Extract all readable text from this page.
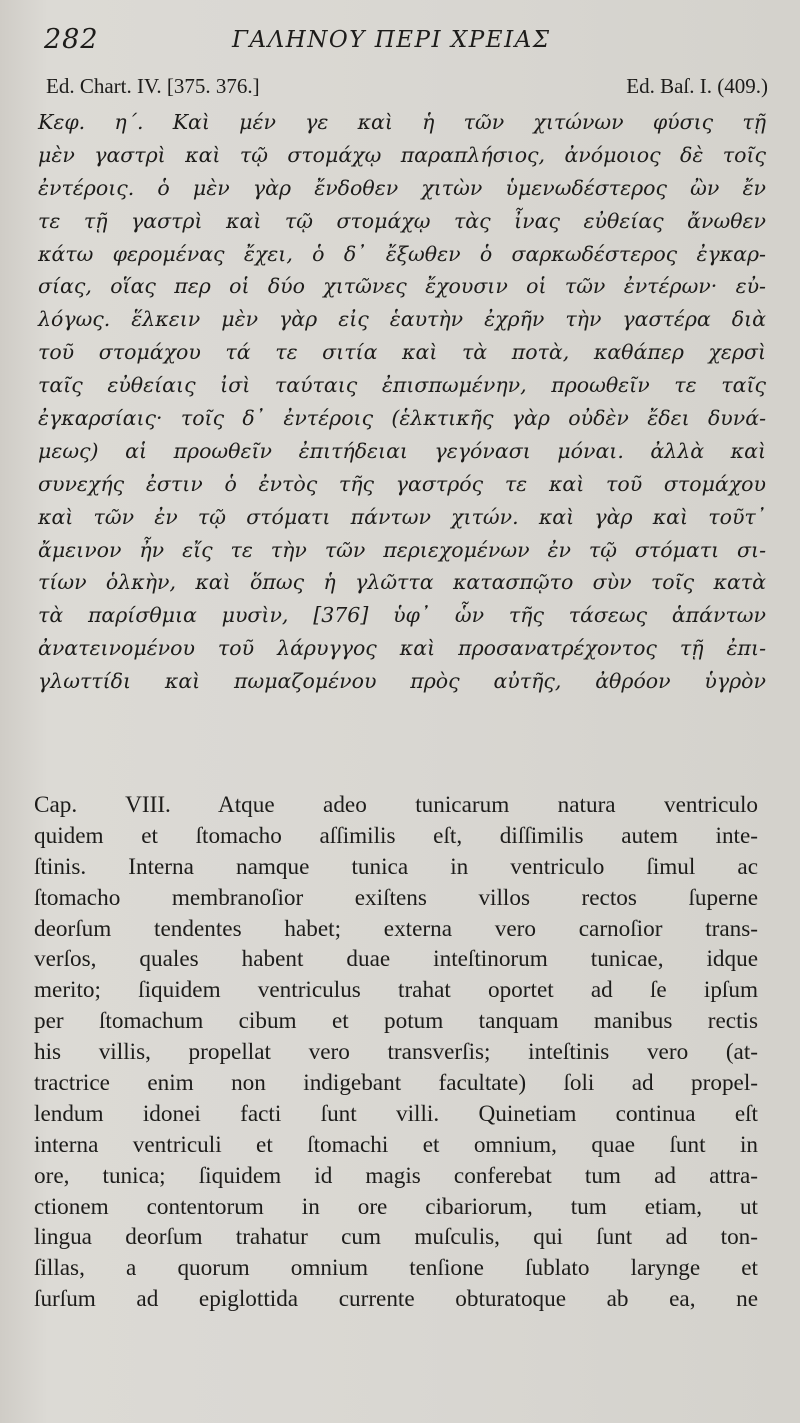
282	ΓΑΛΗΝΟΥ ΠΕΡΙ ΧΡΕΙΑΣ
Ed. Chart. IV. [375. 376.]	Ed. Baſ. I. (409.)
Κεφ. η΄. Καὶ μέν γε καὶ ἡ τῶν χιτώνων φύσις τῇ
μὲν γαστρὶ καὶ τῷ στομάχῳ παραπλήσιος, ἀνόμοιος δὲ τοῖς
ἐντέροις. ὁ μὲν γὰρ ἔνδοθεν χιτὼν ὑμενωδέστερος ὢν ἔν
τε τῇ γαστρὶ καὶ τῷ στομάχῳ τὰς ἶνας εὐθείας ἄνωθεν
κάτω φερομένας ἔχει, ὁ δ᾽ ἔξωθεν ὁ σαρκωδέστερος ἐγκαρ-
σίας, οἵας περ οἱ δύο χιτῶνες ἔχουσιν οἱ τῶν ἐντέρων· εὐ-
λόγως. ἕλκειν μὲν γὰρ εἰς ἑαυτὴν ἐχρῆν τὴν γαστέρα διὰ
τοῦ στομάχου τά τε σιτία καὶ τὰ ποτὰ, καθάπερ χερσὶ
ταῖς εὐθείαις ἰσὶ ταύταις ἐπισπωμένην, προωθεῖν τε ταῖς
ἐγκαρσίαις· τοῖς δ᾽ ἐντέροις (ἑλκτικῆς γὰρ οὐδὲν ἔδει δυνά-
μεως) αἱ προωθεῖν ἐπιτήδειαι γεγόνασι μόναι. ἀλλὰ καὶ
συνεχής ἐστιν ὁ ἐντὸς τῆς γαστρός τε καὶ τοῦ στομάχου
καὶ τῶν ἐν τῷ στόματι πάντων χιτών. καὶ γὰρ καὶ τοῦτ᾽
ἄμεινον ἦν εἴς τε τὴν τῶν περιεχομένων ἐν τῷ στόματι σι-
τίων ὁλκὴν, καὶ ὅπως ἡ γλῶττα κατασπῷτο σὺν τοῖς κατὰ
τὰ παρίσθμια μυσὶν, [376] ὑφ᾽ ὧν τῆς τάσεως ἁπάντων
ἀνατεινομένου τοῦ λάρυγγος καὶ προσανατρέχοντος τῇ ἐπι-
γλωττίδι καὶ πωμαζομένου πρὸς αὐτῆς, ἀθρόον ὑγρὸν
Cap. VIII. Atque adeo tunicarum natura ventriculo
quidem et ſtomacho aſſimilis eſt, diſſimilis autem inte-
ſtinis. Interna namque tunica in ventriculo ſimul ac
ſtomacho membranoſior exiſtens villos rectos ſuperne
deorſum tendentes habet; externa vero carnoſior trans-
verſos, quales habent duae inteſtinorum tunicae, idque
merito; ſiquidem ventriculus trahat oportet ad ſe ipſum
per ſtomachum cibum et potum tanquam manibus rectis
his villis, propellat vero transverſis; inteſtinis vero (at-
tractrice enim non indigebant facultate) ſoli ad propel-
lendum idonei facti ſunt villi. Quinetiam continua eſt
interna ventriculi et ſtomachi et omnium, quae ſunt in
ore, tunica; ſiquidem id magis conferebat tum ad attra-
ctionem contentorum in ore cibariorum, tum etiam, ut
lingua deorſum trahatur cum muſculis, qui ſunt ad ton-
ſillas, a quorum omnium tenſione ſublato larynge et
ſurſum ad epiglottida currente obturatoque ab ea, ne
